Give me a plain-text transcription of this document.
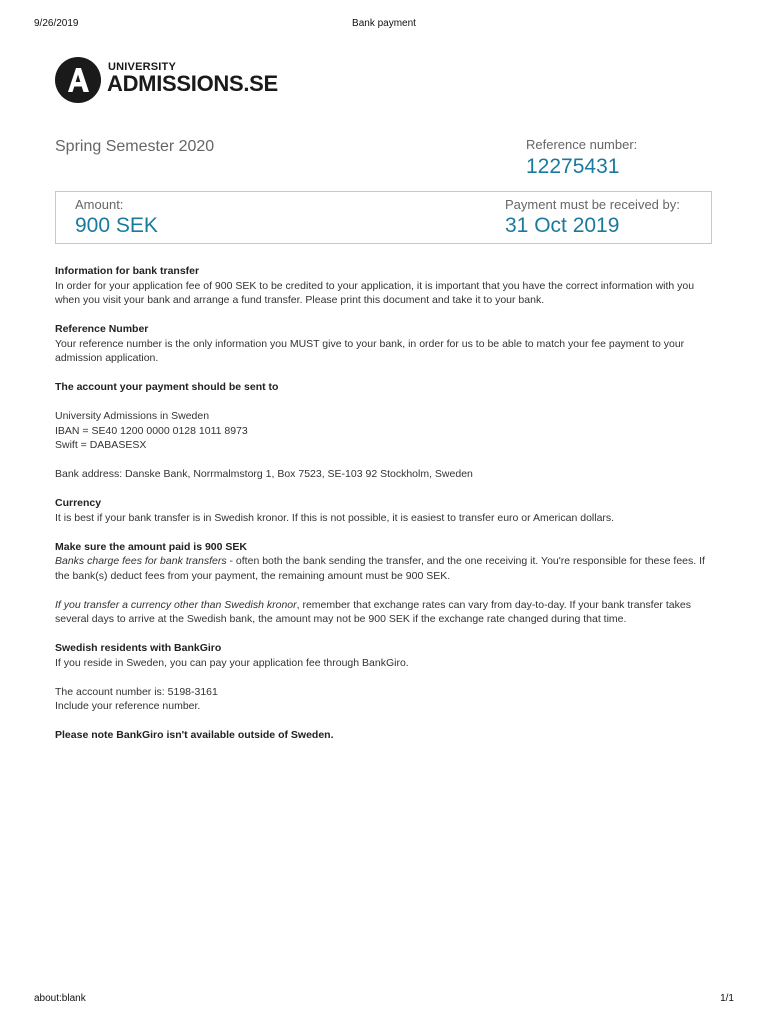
9/26/2019	Bank payment
UNIVERSITY
ADMISSIONS.SE
Spring Semester 2020	Reference number:
12275431
Amount:
900 SEK
Payment must be received by:
31 Oct 2019

Information for bank transfer
In order for your application fee of 900 SEK to be credited to your application, it is important that you have the correct information with you when you visit your bank and arrange a fund transfer. Please print this document and take it to your bank.

Reference Number
Your reference number is the only information you MUST give to your bank, in order for us to be able to match your fee payment to your admission application.

The account your payment should be sent to

University Admissions in Sweden
IBAN = SE40 1200 0000 0128 1011 8973
Swift = DABASESX

Bank address: Danske Bank, Norrmalmstorg 1, Box 7523, SE-103 92 Stockholm, Sweden

Currency
It is best if your bank transfer is in Swedish kronor. If this is not possible, it is easiest to transfer euro or American dollars.

Make sure the amount paid is 900 SEK
Banks charge fees for bank transfers - often both the bank sending the transfer, and the one receiving it. You're responsible for these fees. If the bank(s) deduct fees from your payment, the remaining amount must be 900 SEK.

If you transfer a currency other than Swedish kronor, remember that exchange rates can vary from day-to-day. If your bank transfer takes several days to arrive at the Swedish bank, the amount may not be 900 SEK if the exchange rate changed during that time.

Swedish residents with BankGiro
If you reside in Sweden, you can pay your application fee through BankGiro.

The account number is: 5198-3161
Include your reference number.

Please note BankGiro isn't available outside of Sweden.

about:blank	1/1
